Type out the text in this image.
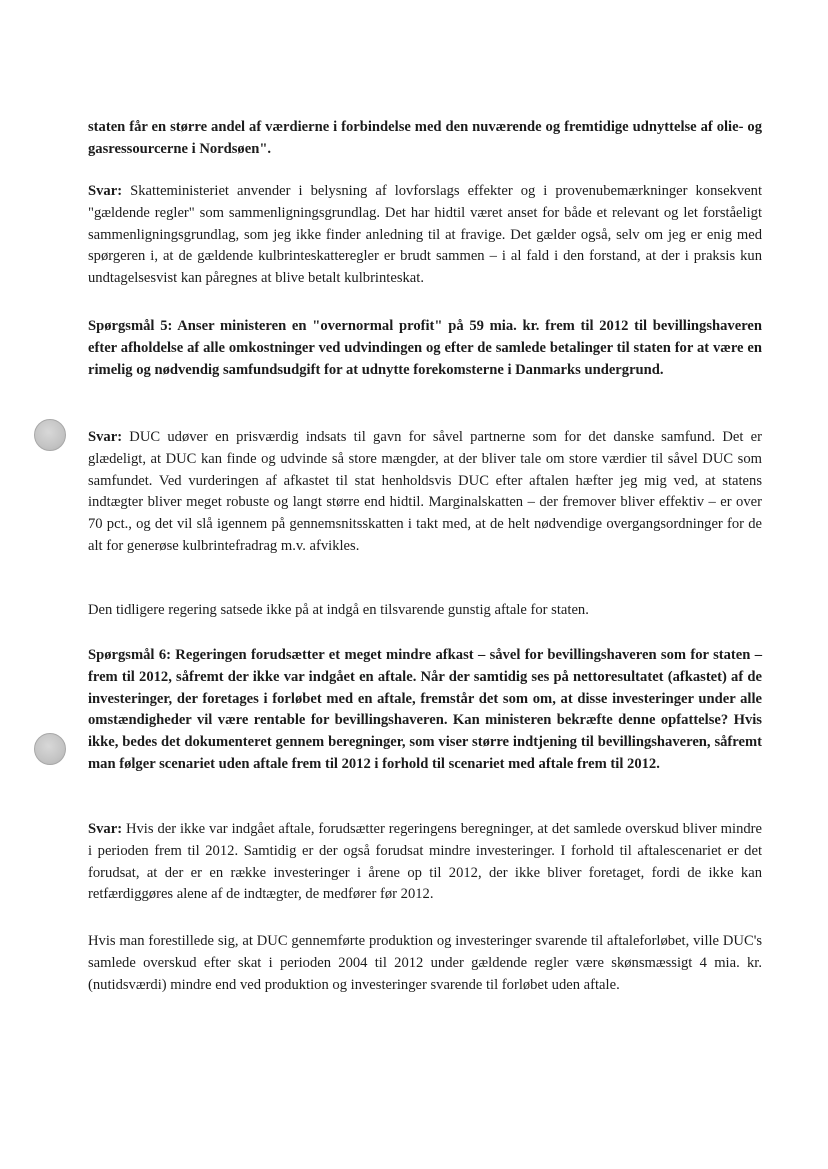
staten får en større andel af værdierne i forbindelse med den nuværende og fremtidige udnyttelse af olie- og gasressourcerne i Nordsøen".

Svar: Skatteministeriet anvender i belysning af lovforslags effekter og i provenubemærkninger konsekvent "gældende regler" som sammenligningsgrundlag. Det har hidtil været anset for både et relevant og let forståeligt sammenligningsgrundlag, som jeg ikke finder anledning til at fravige. Det gælder også, selv om jeg er enig med spørgeren i, at de gældende kulbrinteskatteregler er brudt sammen – i al fald i den forstand, at der i praksis kun undtagelsesvist kan påregnes at blive betalt kulbrinteskat.

Spørgsmål 5: Anser ministeren en "overnormal profit" på 59 mia. kr. frem til 2012 til bevillingshaveren efter afholdelse af alle omkostninger ved udvindingen og efter de samlede betalinger til staten for at være en rimelig og nødvendig samfundsudgift for at udnytte forekomsterne i Danmarks undergrund.

Svar: DUC udøver en prisværdig indsats til gavn for såvel partnerne som for det danske samfund. Det er glædeligt, at DUC kan finde og udvinde så store mængder, at der bliver tale om store værdier til såvel DUC som samfundet. Ved vurderingen af afkastet til stat henholdsvis DUC efter aftalen hæfter jeg mig ved, at statens indtægter bliver meget robuste og langt større end hidtil. Marginalskatten – der fremover bliver effektiv – er over 70 pct., og det vil slå igennem på gennemsnitsskatten i takt med, at de helt nødvendige overgangsordninger for de alt for generøse kulbrintefradrag m.v. afvikles.

Den tidligere regering satsede ikke på at indgå en tilsvarende gunstig aftale for staten.

Spørgsmål 6: Regeringen forudsætter et meget mindre afkast – såvel for bevillingshaveren som for staten – frem til 2012, såfremt der ikke var indgået en aftale. Når der samtidig ses på nettoresultatet (afkastet) af de investeringer, der foretages i forløbet med en aftale, fremstår det som om, at disse investeringer under alle omstændigheder vil være rentable for bevillingshaveren. Kan ministeren bekræfte denne opfattelse? Hvis ikke, bedes det dokumenteret gennem beregninger, som viser større indtjening til bevillingshaveren, såfremt man følger scenariet uden aftale frem til 2012 i forhold til scenariet med aftale frem til 2012.

Svar: Hvis der ikke var indgået aftale, forudsætter regeringens beregninger, at det samlede overskud bliver mindre i perioden frem til 2012. Samtidig er der også forudsat mindre investeringer. I forhold til aftalescenariet er det forudsat, at der er en række investeringer i årene op til 2012, der ikke bliver foretaget, fordi de ikke kan retfærdiggøres alene af de indtægter, de medfører før 2012.

Hvis man forestillede sig, at DUC gennemførte produktion og investeringer svarende til aftaleforløbet, ville DUC's samlede overskud efter skat i perioden 2004 til 2012 under gældende regler være skønsmæssigt 4 mia. kr. (nutidsværdi) mindre end ved produktion og investeringer svarende til forløbet uden aftale.
